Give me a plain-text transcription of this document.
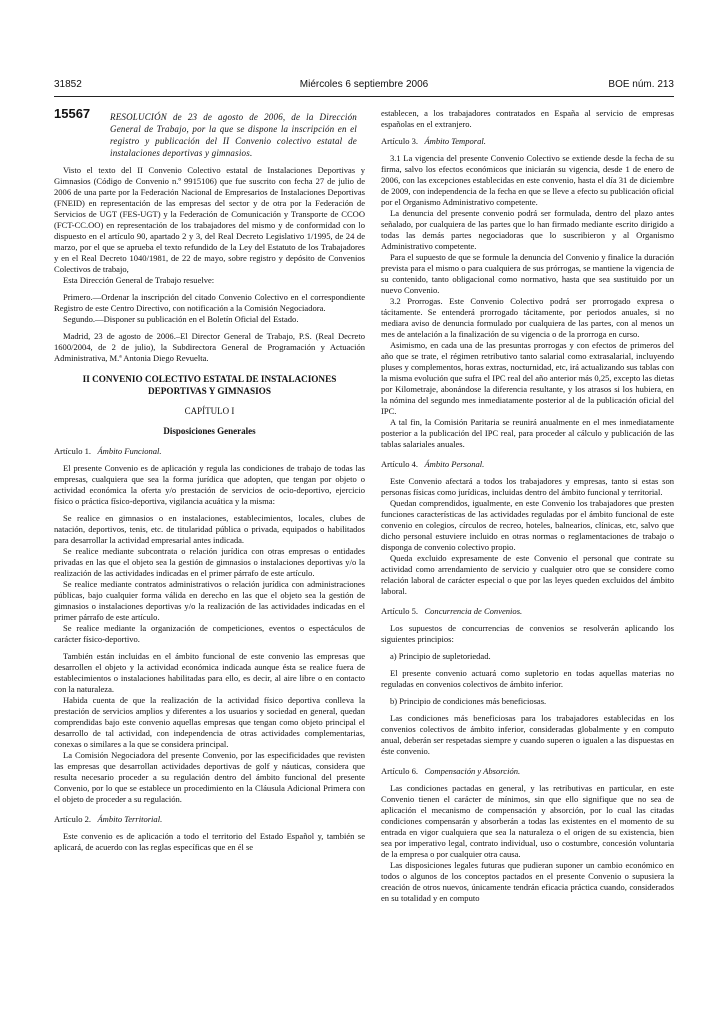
31852	Miércoles 6 septiembre 2006	BOE núm. 213
15567 RESOLUCIÓN de 23 de agosto de 2006, de la Dirección General de Trabajo, por la que se dispone la inscripción en el registro y publicación del II Convenio colectivo estatal de instalaciones deportivas y gimnasios.

Visto el texto del II Convenio Colectivo estatal de Instalaciones Deportivas y Gimnasios (Código de Convenio n.º 9915106) que fue suscrito con fecha 27 de julio de 2006 de una parte por la Federación Nacional de Empresarios de Instalaciones Deportivas (FNEID) en representación de las empresas del sector y de otra por la Federación de Servicios de UGT (FES-UGT) y la Federación de Comunicación y Transporte de CCOO (FCT-CC.OO) en representación de los trabajadores del mismo y de conformidad con lo dispuesto en el artículo 90, apartado 2 y 3, del Real Decreto Legislativo 1/1995, de 24 de marzo, por el que se aprueba el texto refundido de la Ley del Estatuto de los Trabajadores y en el Real Decreto 1040/1981, de 22 de mayo, sobre registro y depósito de Convenios Colectivos de trabajo,

Esta Dirección General de Trabajo resuelve:

Primero.—Ordenar la inscripción del citado Convenio Colectivo en el correspondiente Registro de este Centro Directivo, con notificación a la Comisión Negociadora.

Segundo.—Disponer su publicación en el Boletín Oficial del Estado.

Madrid, 23 de agosto de 2006.–El Director General de Trabajo, P.S. (Real Decreto 1600/2004, de 2 de julio), la Subdirectora General de Programación y Actuación Administrativa, M.ª Antonia Diego Revuelta.

II CONVENIO COLECTIVO ESTATAL DE INSTALACIONES DEPORTIVAS Y GIMNASIOS
CAPÍTULO I
Disposiciones Generales

Artículo 1. Ámbito Funcional.

El presente Convenio es de aplicación y regula las condiciones de trabajo de todas las empresas, cualquiera que sea la forma jurídica que adopten, que tengan por objeto o actividad económica la oferta y/o prestación de servicios de ocio-deportivo, ejercicio físico o práctica físico-deportiva, vigilancia acuática y la misma:

Se realice en gimnasios o en instalaciones, establecimientos, locales, clubes de natación, deportivos, tenis, etc. de titularidad pública o privada, equipados o habilitados para desarrollar la actividad empresarial antes indicada.

Se realice mediante subcontrata o relación jurídica con otras empresas o entidades privadas en las que el objeto sea la gestión de gimnasios o instalaciones deportivas y/o la realización de las actividades indicadas en el primer párrafo de este artículo.

Se realice mediante contratos administrativos o relación jurídica con administraciones públicas, bajo cualquier forma válida en derecho en las que el objeto sea la gestión de gimnasios o instalaciones deportivas y/o la realización de las actividades indicadas en el primer párrafo de este artículo.

Se realice mediante la organización de competiciones, eventos o espectáculos de carácter físico-deportivo.

También están incluidas en el ámbito funcional de este convenio las empresas que desarrollen el objeto y la actividad económica indicada aunque ésta se realice fuera de establecimientos o instalaciones habilitadas para ello, es decir, al aire libre o en contacto con la naturaleza.

Habida cuenta de que la realización de la actividad físico deportiva conlleva la prestación de servicios amplios y diferentes a los usuarios y sociedad en general, quedan comprendidas bajo este convenio aquellas empresas que tengan como objeto principal el desarrollo de tal actividad, con independencia de otras actividades complementarias, conexas o similares a la que se considera principal.

La Comisión Negociadora del presente Convenio, por las especificidades que revisten las empresas que desarrollan actividades deportivas de golf y náuticas, considera que resulta necesario proceder a su regulación dentro del ámbito funcional del presente Convenio, por lo que se establece un procedimiento en la Cláusula Adicional Primera con el objeto de proceder a su regulación.

Artículo 2. Ámbito Territorial.

Este convenio es de aplicación a todo el territorio del Estado Español y, también se aplicará, de acuerdo con las reglas específicas que en él se

establecen, a los trabajadores contratados en España al servicio de empresas españolas en el extranjero.

Artículo 3. Ámbito Temporal.

3.1 La vigencia del presente Convenio Colectivo se extiende desde la fecha de su firma, salvo los efectos económicos que iniciarán su vigencia, desde 1 de enero de 2006, con las excepciones establecidas en este convenio, hasta el día 31 de diciembre de 2009, con independencia de la fecha en que se lleve a efecto su publicación oficial por el Organismo Administrativo competente.

La denuncia del presente convenio podrá ser formulada, dentro del plazo antes señalado, por cualquiera de las partes que lo han firmado mediante escrito dirigido a todas las demás partes negociadoras que lo suscribieron y al Organismo Administrativo competente.

Para el supuesto de que se formule la denuncia del Convenio y finalice la duración prevista para el mismo o para cualquiera de sus prórrogas, se mantiene la vigencia de su contenido, tanto obligacional como normativo, hasta que sea sustituido por un nuevo Convenio.

3.2 Prorrogas. Este Convenio Colectivo podrá ser prorrogado expresa o tácitamente. Se entenderá prorrogado tácitamente, por periodos anuales, si no mediara aviso de denuncia formulado por cualquiera de las partes, con al menos un mes de antelación a la finalización de su vigencia o de la prorroga en curso.

Asimismo, en cada una de las presuntas prorrogas y con efectos de primeros del año que se trate, el régimen retributivo tanto salarial como extrasalarial, incluyendo pluses y complementos, horas extras, nocturnidad, etc, irá actualizando sus tablas con la misma evolución que sufra el IPC real del año anterior más 0,25, excepto las dietas por Kilometraje, abonándose la diferencia resultante, y los atrasos si los hubiera, en la nómina del segundo mes inmediatamente posterior al de la publicación oficial del IPC.

A tal fin, la Comisión Paritaria se reunirá anualmente en el mes inmediatamente posterior a la publicación del IPC real, para proceder al cálculo y publicación de las tablas salariales anuales.

Artículo 4. Ámbito Personal.

Este Convenio afectará a todos los trabajadores y empresas, tanto si estas son personas físicas como jurídicas, incluidas dentro del ámbito funcional y territorial.

Quedan comprendidos, igualmente, en este Convenio los trabajadores que presten funciones características de las actividades reguladas por el ámbito funcional de este convenio en colegios, círculos de recreo, hoteles, balnearios, clínicas, etc, salvo que dicho personal estuviere incluido en otras normas o reglamentaciones de trabajo o disponga de convenio colectivo propio.

Queda excluido expresamente de este Convenio el personal que contrate su actividad como arrendamiento de servicio y cualquier otro que se considere como relación laboral de carácter especial o que por las leyes queden excluidos del ámbito laboral.

Artículo 5. Concurrencia de Convenios.

Los supuestos de concurrencias de convenios se resolverán aplicando los siguientes principios:

a) Principio de supletoriedad.

El presente convenio actuará como supletorio en todas aquellas materias no reguladas en convenios colectivos de ámbito inferior.

b) Principio de condiciones más beneficiosas.

Las condiciones más beneficiosas para los trabajadores establecidas en los convenios colectivos de ámbito inferior, consideradas globalmente y en computo anual, deberán ser respetadas siempre y cuando superen o igualen a las dispuestas en éste convenio.

Artículo 6. Compensación y Absorción.

Las condiciones pactadas en general, y las retributivas en particular, en este Convenio tienen el carácter de mínimos, sin que ello signifique que no sea de aplicación el mecanismo de compensación y absorción, por lo cual las citadas condiciones compensarán y absorberán a todas las existentes en el momento de su entrada en vigor cualquiera que sea la naturaleza o el origen de su existencia, bien sea por imperativo legal, contrato individual, uso o costumbre, concesión voluntaria de la empresa o por cualquier otra causa.

Las disposiciones legales futuras que pudieran suponer un cambio económico en todos o algunos de los conceptos pactados en el presente Convenio o supusiera la creación de otros nuevos, únicamente tendrán eficacia práctica cuando, considerados en su totalidad y en computo
